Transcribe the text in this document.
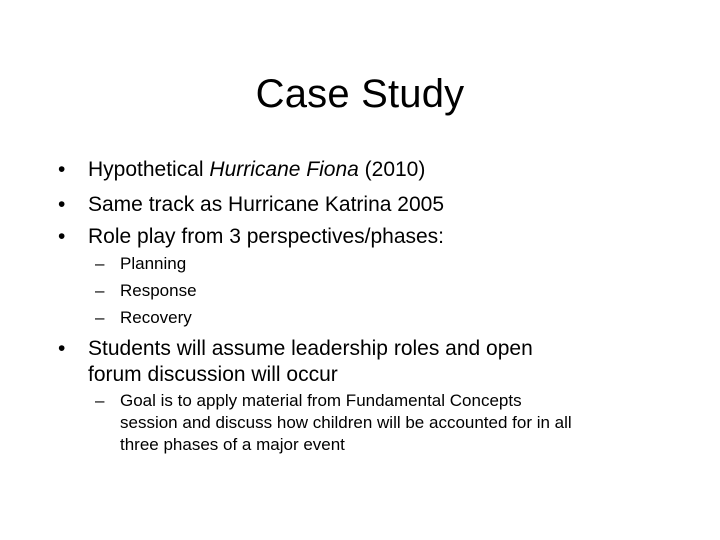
Case Study
• Hypothetical Hurricane Fiona (2010)
• Same track as Hurricane Katrina 2005
• Role play from 3 perspectives/phases:
– Planning
– Response
– Recovery
• Students will assume leadership roles and open
forum discussion will occur
– Goal is to apply material from Fundamental Concepts
session and discuss how children will be accounted for in all
three phases of a major event
